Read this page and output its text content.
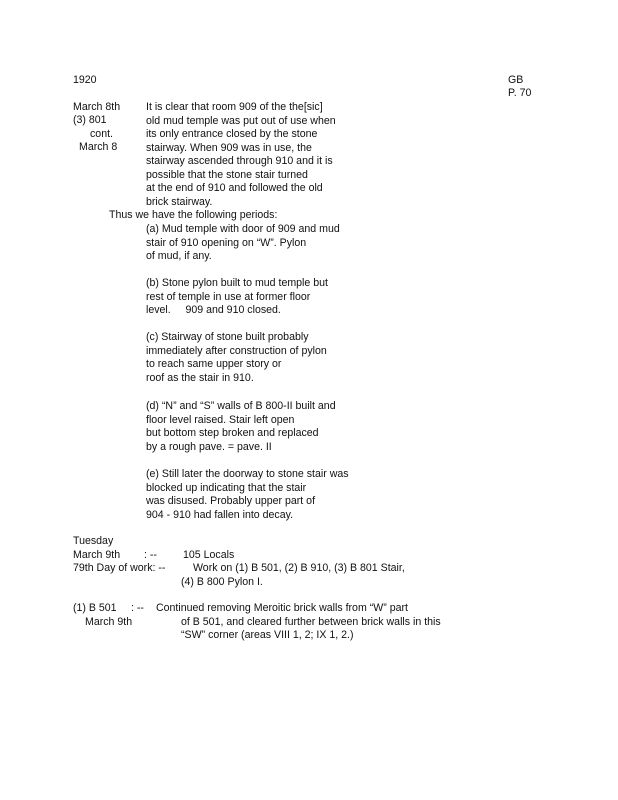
1920	GB
P. 70
March 8th
(3) 801
cont.
March 8
It is clear that room 909 of the the[sic]
old mud temple was put out of use when
its only entrance closed by the stone
stairway. When 909 was in use, the
stairway ascended through 910 and it is
possible that the stone stair turned
at the end of 910 and followed the old
brick stairway.
Thus we have the following periods:
(a) Mud temple with door of 909 and mud
stair of 910 opening on “W”. Pylon
of mud, if any.
(b) Stone pylon built to mud temple but
rest of temple in use at former floor
level.     909 and 910 closed.
(c) Stairway of stone built probably
immediately after construction of pylon
to reach same upper story or
roof as the stair in 910.
(d) “N” and “S” walls of B 800-II built and
floor level raised. Stair left open
but bottom step broken and replaced
by a rough pave. = pave. II
(e) Still later the doorway to stone stair was
blocked up indicating that the stair
was disused. Probably upper part of
904 - 910 had fallen into decay.
Tuesday
March 9th : -- 105 Locals
79th Day of work: --	Work on (1) B 501, (2) B 910, (3) B 801 Stair,
(4) B 800 Pylon I.
(1) B 501 : --
March 9th
Continued removing Meroitic brick walls from “W” part
of B 501, and cleared further between brick walls in this
“SW” corner (areas VIII 1, 2; IX 1, 2.)
